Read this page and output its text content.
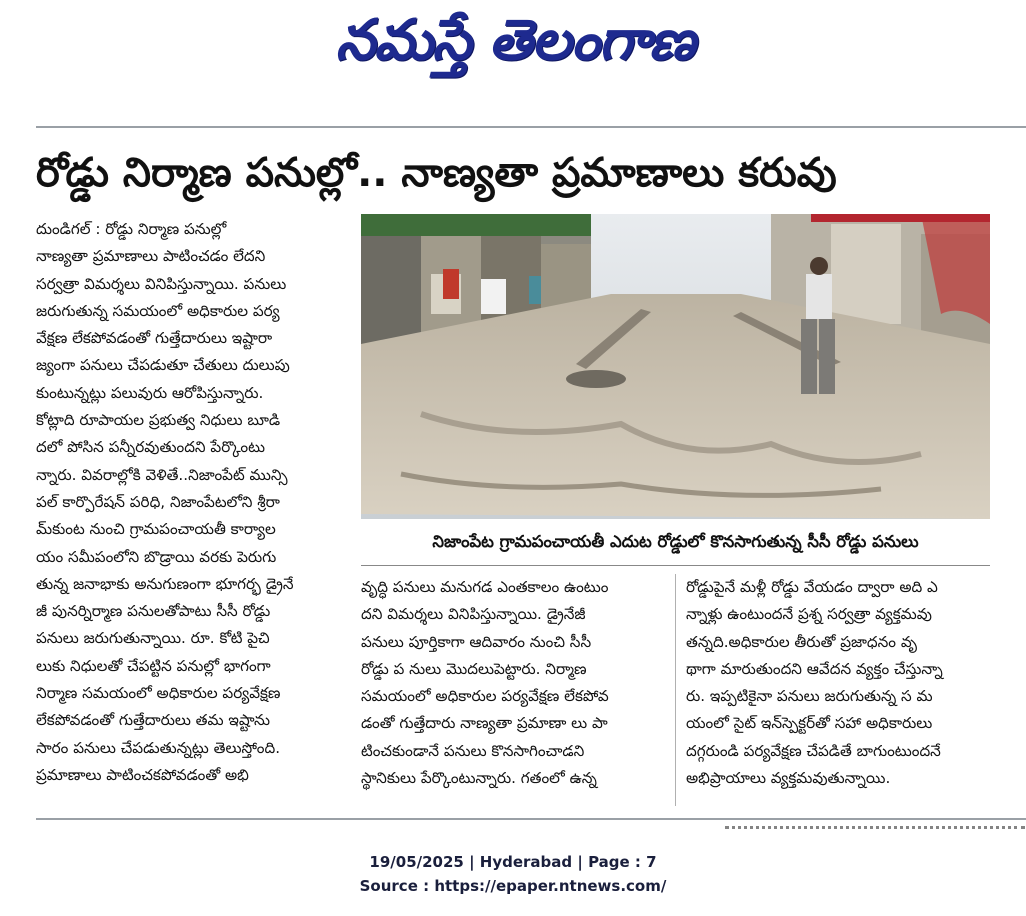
నమస్తే తెలంగాణ
రోడ్డు నిర్మాణ పనుల్లో.. నాణ్యతా ప్రమాణాలు కరువు
దుండిగల్ : రోడ్డు నిర్మాణ పనుల్లో
నాణ్యతా ప్రమాణాలు పాటించడం లేదని
సర్వత్రా విమర్శలు వినిపిస్తున్నాయి. పనులు
జరుగుతున్న సమయంలో అధికారుల పర్య
వేక్షణ లేకపోవడంతో గుత్తేదారులు ఇష్టారా
జ్యంగా పనులు చేపడుతూ చేతులు దులుపు
కుంటున్నట్లు పలువురు ఆరోపిస్తున్నారు.
కోట్లాది రూపాయల ప్రభుత్వ నిధులు బూడి
దలో పోసిన పన్నీరవుతుందని పేర్కొంటు
న్నారు. వివరాల్లోకి వెళితే..నిజాంపేట్ మున్సి
పల్ కార్పొరేషన్ పరిధి, నిజాంపేటలోని శ్రీరా
మ్‌కుంట నుంచి గ్రామపంచాయతీ కార్యాల
యం సమీపంలోని బొడ్రాయి వరకు పెరుగు
తున్న జనాభాకు అనుగుణంగా భూగర్భ డ్రైనే
జీ పునర్నిర్మాణ పనులతోపాటు సీసీ రోడ్డు
పనులు జరుగుతున్నాయి. రూ. కోటి పైచి
లుకు నిధులతో చేపట్టిన పనుల్లో భాగంగా
నిర్మాణ సమయంలో అధికారుల పర్యవేక్షణ
లేకపోవడంతో గుత్తేదారులు తమ ఇష్టాను
సారం పనులు చేపడుతున్నట్లు తెలుస్తోంది.
ప్రమాణాలు పాటించకపోవడంతో అభి
నిజాంపేట గ్రామపంచాయతీ ఎదుట రోడ్డులో కొనసాగుతున్న సీసీ రోడ్డు పనులు
వృద్ధి పనులు మనుగడ ఎంతకాలం ఉంటుం
దని విమర్శలు వినిపిస్తున్నాయి. డ్రైనేజీ
పనులు పూర్తికాగా ఆదివారం నుంచి సీసీ
రోడ్డు ప నులు మొదలుపెట్టారు. నిర్మాణ
సమయంలో అధికారుల పర్యవేక్షణ లేకపోవ
డంతో గుత్తేదారు నాణ్యతా ప్రమాణా లు పా
టించకుండానే పనులు కొనసాగించాడని
స్థానికులు పేర్కొంటున్నారు. గతంలో ఉన్న
రోడ్డుపైనే మళ్లీ రోడ్డు వేయడం ద్వారా అది ఎ
న్నాళ్లు ఉంటుందనే ప్రశ్న సర్వత్రా వ్యక్తమవు
తన్నది.అధికారుల తీరుతో ప్రజాధనం వృ
థాగా మారుతుందని ఆవేదన వ్యక్తం చేస్తున్నా
రు. ఇప్పటికైనా పనులు జరుగుతున్న స మ
యంలో సైట్ ఇన్‌స్పెక్టర్‌తో సహా అధికారులు
దగ్గరుండి పర్యవేక్షణ చేపడితే బాగుంటుందనే
అభిప్రాయాలు వ్యక్తమవుతున్నాయి.
19/05/2025 | Hyderabad | Page : 7
Source : https://epaper.ntnews.com/
